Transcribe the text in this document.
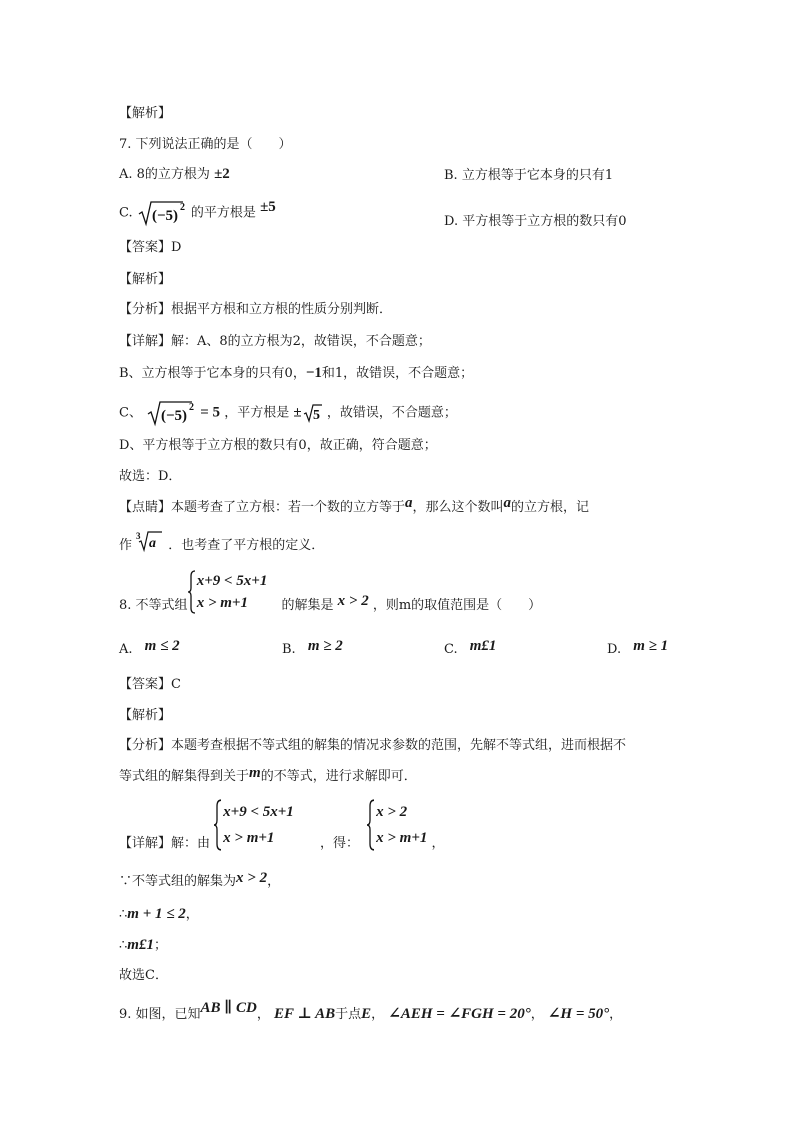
【解析】
7. 下列说法正确的是（　　）
A. 8的立方根为 ±2	B. 立方根等于它本身的只有1
C. (−5)
2 的平方根是 ±5
D. 平方根等于立方根的数只有0
【答案】D
【解析】
【分析】根据平方根和立方根的性质分别判断．
【详解】解：A、8的立方根为2，故错误，不合题意；
B、立方根等于它本身的只有0，−1和1，故错误，不合题意；
C、 (−5)
2 = 5 ，平方根是 ± 5 ，故错误，不合题意；
D、平方根等于立方根的数只有0，故正确，符合题意；
故选：D．
【点睛】本题考查了立方根：若一个数的立方等于a，那么这个数叫a的立方根，记
作
3 a ．也考查了平方根的定义．
8. 不等式组
x+9 < 5x+1
x > m+1	的解集是 x > 2 ，则m的取值范围是（　　）
A. m ≤ 2	B. m ≥ 2	C. m£1	D. m ≥ 1
【答案】C
【解析】
【分析】本题考查根据不等式组的解集的情况求参数的范围，先解不等式组，进而根据不
等式组的解集得到关于m的不等式，进行求解即可．
【详解】解：由
x+9 < 5x+1
x > m+1	，得：
x > 2
x > m+1 ，
∵不等式组的解集为x > 2，
∴m + 1 ≤ 2，
∴m£1；
故选C．
9. 如图，已知AB ∥ CD， EF ⊥ AB于点E， ∠AEH = ∠FGH = 20°， ∠H = 50°，
